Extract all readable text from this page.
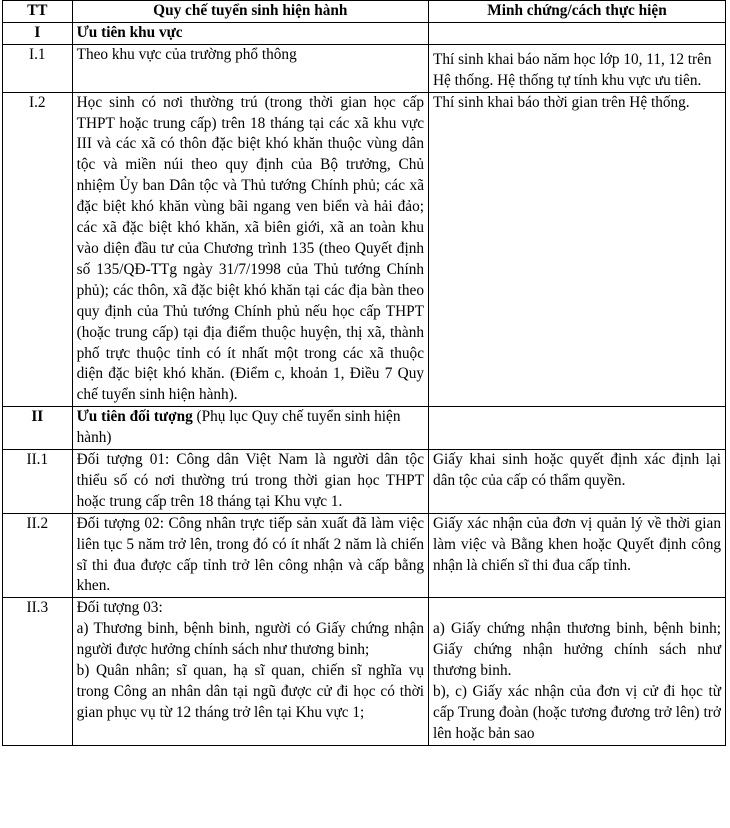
TT	Quy chế tuyển sinh hiện hành	Minh chứng/cách thực hiện
I	Ưu tiên khu vực	
I.1	Theo khu vực của trường phổ thông	Thí sinh khai báo năm học lớp 10, 11, 12 trên Hệ thống. Hệ thống tự tính khu vực ưu tiên.

I.2	Học sinh có nơi thường trú (trong thời gian học cấp THPT hoặc trung cấp) trên 18 tháng tại các xã khu vực III và các xã có thôn đặc biệt khó khăn thuộc vùng dân tộc và miền núi theo quy định của Bộ trưởng, Chủ nhiệm Ủy ban Dân tộc và Thủ tướng Chính phủ; các xã đặc biệt khó khăn vùng bãi ngang ven biển và hải đảo; các xã đặc biệt khó khăn, xã biên giới, xã an toàn khu vào diện đầu tư của Chương trình 135 (theo Quyết định số 135/QĐ-TTg ngày 31/7/1998 của Thủ tướng Chính phủ); các thôn, xã đặc biệt khó khăn tại các địa bàn theo quy định của Thủ tướng Chính phủ nếu học cấp THPT (hoặc trung cấp) tại địa điểm thuộc huyện, thị xã, thành phố trực thuộc tỉnh có ít nhất một trong các xã thuộc diện đặc biệt khó khăn. (Điểm c, khoản 1, Điều 7 Quy chế tuyển sinh hiện hành).	Thí sinh khai báo thời gian trên Hệ thống.

II	Ưu tiên đối tượng (Phụ lục Quy chế tuyển sinh hiện hành)	
II.1	Đối tượng 01: Công dân Việt Nam là người dân tộc thiểu số có nơi thường trú trong thời gian học THPT hoặc trung cấp trên 18 tháng tại Khu vực 1.	Giấy khai sinh hoặc quyết định xác định lại dân tộc của cấp có thẩm quyền.

II.2	Đối tượng 02: Công nhân trực tiếp sản xuất đã làm việc liên tục 5 năm trở lên, trong đó có ít nhất 2 năm là chiến sĩ thi đua được cấp tỉnh trở lên công nhận và cấp bằng khen.	Giấy xác nhận của đơn vị quản lý về thời gian làm việc và Bằng khen hoặc Quyết định công nhận là chiến sĩ thi đua cấp tỉnh.

II.3	Đối tượng 03:
a) Thương binh, bệnh binh, người có Giấy chứng nhận người được hưởng chính sách như thương binh;
b) Quân nhân; sĩ quan, hạ sĩ quan, chiến sĩ nghĩa vụ trong Công an nhân dân tại ngũ được cử đi học có thời gian phục vụ từ 12 tháng trở lên tại Khu vực 1;	a) Giấy chứng nhận thương binh, bệnh binh; Giấy chứng nhận hưởng chính sách như thương binh.
b), c) Giấy xác nhận của đơn vị cử đi học từ cấp Trung đoàn (hoặc tương đương trở lên) trở lên hoặc bản sao
